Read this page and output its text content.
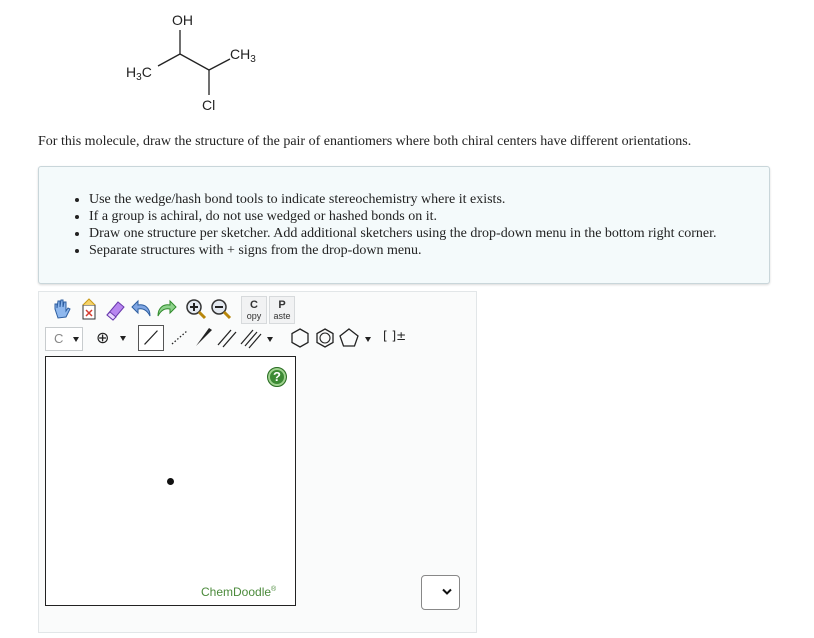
OH
$H_3C$
$CH_3$
Cl

For this molecule, draw the structure of the pair of enantiomers where both chiral centers have different orientations.

• Use the wedge/hash bond tools to indicate stereochemistry where it exists.
• If a group is achiral, do not use wedged or hashed bonds on it.
• Draw one structure per sketcher. Add additional sketchers using the drop-down menu in the bottom right corner.
• Separate structures with + signs from the drop-down menu.
C
opy
P
aste
C ⊕	[ ]±
?
ChemDoodle®
